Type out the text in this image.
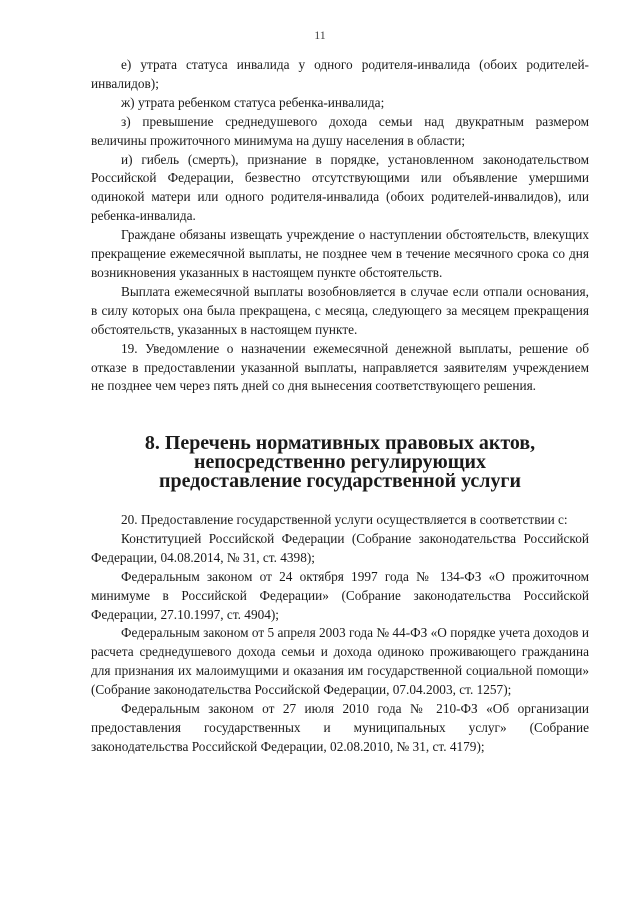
11

е) утрата статуса инвалида у одного родителя-инвалида (обоих родителей-инвалидов);

ж) утрата ребенком статуса ребенка-инвалида;

з) превышение среднедушевого дохода семьи над двукратным размером величины прожиточного минимума на душу населения в области;

и) гибель (смерть), признание в порядке, установленном законодательством Российской Федерации, безвестно отсутствующими или объявление умершими одинокой матери или одного родителя-инвалида (обоих родителей-инвалидов), или ребенка-инвалида.

Граждане обязаны извещать учреждение о наступлении обстоятельств, влекущих прекращение ежемесячной выплаты, не позднее чем в течение месячного срока со дня возникновения указанных в настоящем пункте обстоятельств.

Выплата ежемесячной выплаты возобновляется в случае если отпали основания, в силу которых она была прекращена, с месяца, следующего за месяцем прекращения обстоятельств, указанных в настоящем пункте.

19. Уведомление о назначении ежемесячной денежной выплаты, решение об отказе в предоставлении указанной выплаты, направляется заявителям учреждением не позднее чем через пять дней со дня вынесения соответствующего решения.

8. Перечень нормативных правовых актов,
непосредственно регулирующих
предоставление государственной услуги

20. Предоставление государственной услуги осуществляется в соответствии с:

Конституцией Российской Федерации (Собрание законодательства Российской Федерации, 04.08.2014, № 31, ст. 4398);

Федеральным законом от 24 октября 1997 года № 134-ФЗ «О прожиточном минимуме в Российской Федерации» (Собрание законодательства Российской Федерации, 27.10.1997, ст. 4904);

Федеральным законом от 5 апреля 2003 года № 44-ФЗ «О порядке учета доходов и расчета среднедушевого дохода семьи и дохода одиноко проживающего гражданина для признания их малоимущими и оказания им государственной социальной помощи» (Собрание законодательства Российской Федерации, 07.04.2003, ст. 1257);

Федеральным законом от 27 июля 2010 года № 210-ФЗ «Об организации предоставления государственных и муниципальных услуг» (Собрание законодательства Российской Федерации, 02.08.2010, № 31, ст. 4179);
